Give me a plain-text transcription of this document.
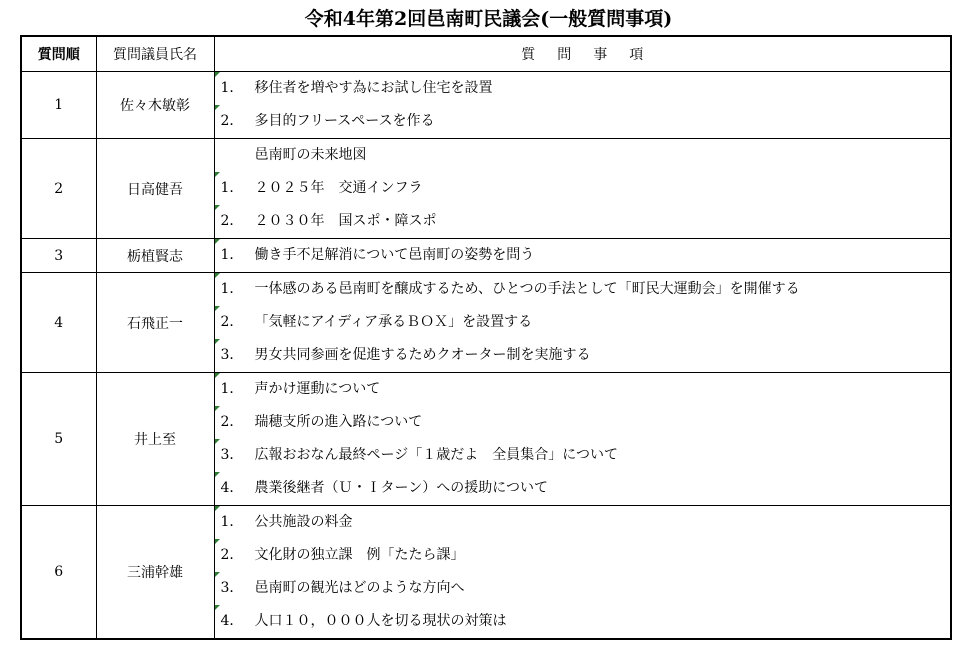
令和4年第2回邑南町民議会(一般質問事項)
質問順	質問議員氏名	質問事項
1	佐々木敏彰	1． 移住者を増やす為にお試し住宅を設置
2． 多目的フリースペースを作る

2	日高健吾	邑南町の未来地図
1． ２０２５年　交通インフラ
2． ２０３０年　国スポ・障スポ

3	栃植賢志	1． 働き手不足解消について邑南町の姿勢を問う

4	石飛正一	1． 一体感のある邑南町を醸成するため、ひとつの手法として「町民大運動会」を開催する
2． 「気軽にアイディア承るＢＯＸ」を設置する
3． 男女共同参画を促進するためクオーター制を実施する

5	井上至	1． 声かけ運動について
2． 瑞穂支所の進入路について
3． 広報おおなん最終ページ「１歳だよ　全員集合」について
4． 農業後継者（Ｕ・Ｉターン）への援助について

6	三浦幹雄	1． 公共施設の料金
2． 文化財の独立課　例「たたら課」
3． 邑南町の観光はどのような方向へ
4． 人口１０，０００人を切る現状の対策は
